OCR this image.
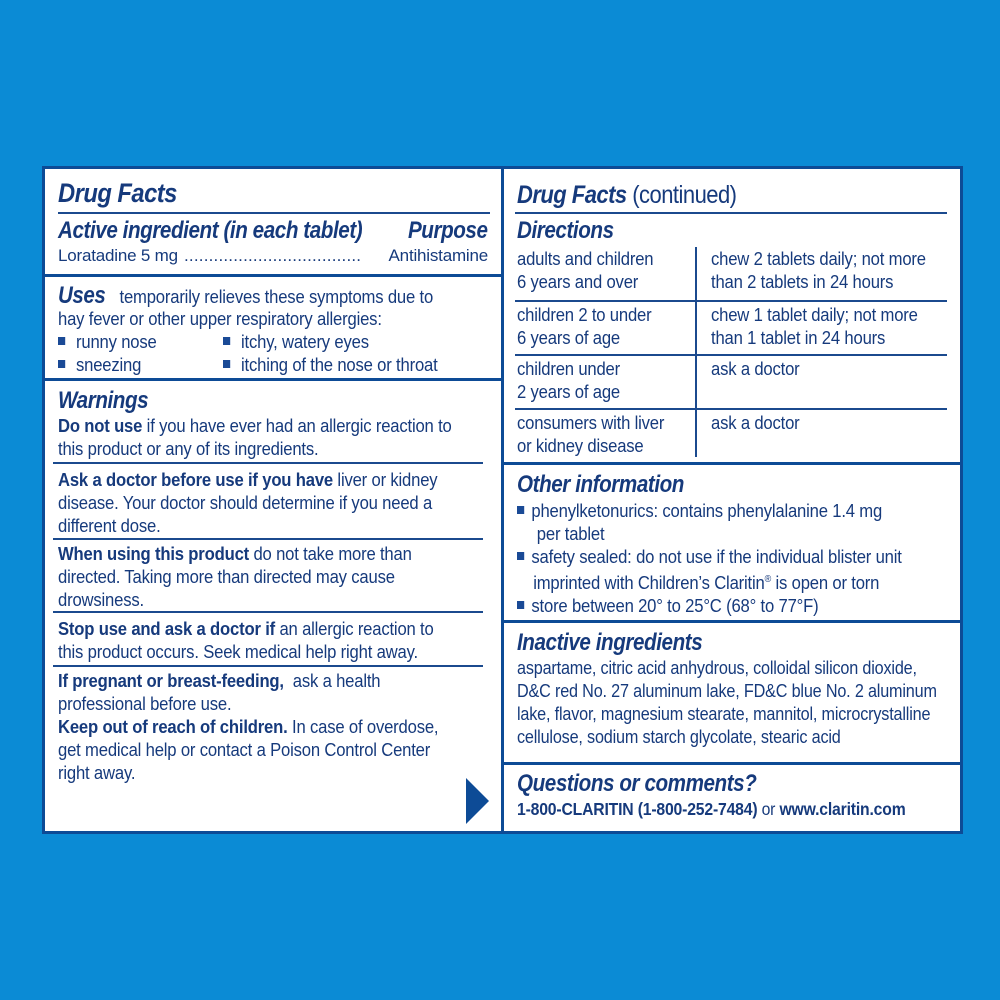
Drug Facts
Active ingredient (in each tablet) Purpose
Loratadine 5 mg .................................... Antihistamine
Uses temporarily relieves these symptoms due to
hay fever or other upper respiratory allergies:
runny nose	itchy, watery eyes
sneezing	itching of the nose or throat
Warnings
Do not use if you have ever had an allergic reaction to
this product or any of its ingredients.
Ask a doctor before use if you have liver or kidney
disease. Your doctor should determine if you need a
different dose.
When using this product do not take more than
directed. Taking more than directed may cause
drowsiness.
Stop use and ask a doctor if an allergic reaction to
this product occurs. Seek medical help right away.
If pregnant or breast-feeding,  ask a health
professional before use.
Keep out of reach of children. In case of overdose,
get medical help or contact a Poison Control Center
right away.
Drug Facts (continued)
Directions
adults and children
6 years and over
chew 2 tablets daily; not more
than 2 tablets in 24 hours
children 2 to under
6 years of age
chew 1 tablet daily; not more
than 1 tablet in 24 hours
children under
2 years of age
ask a doctor
consumers with liver
or kidney disease
ask a doctor
Other information
phenylketonurics: contains phenylalanine 1.4 mg
per tablet
safety sealed: do not use if the individual blister unit
imprinted with Children’s Claritin® is open or torn
store between 20° to 25°C (68° to 77°F)
Inactive ingredients
aspartame, citric acid anhydrous, colloidal silicon dioxide,
D&C red No. 27 aluminum lake, FD&C blue No. 2 aluminum
lake, flavor, magnesium stearate, mannitol, microcrystalline
cellulose, sodium starch glycolate, stearic acid
Questions or comments?
1-800-CLARITIN (1-800-252-7484) or www.claritin.com
